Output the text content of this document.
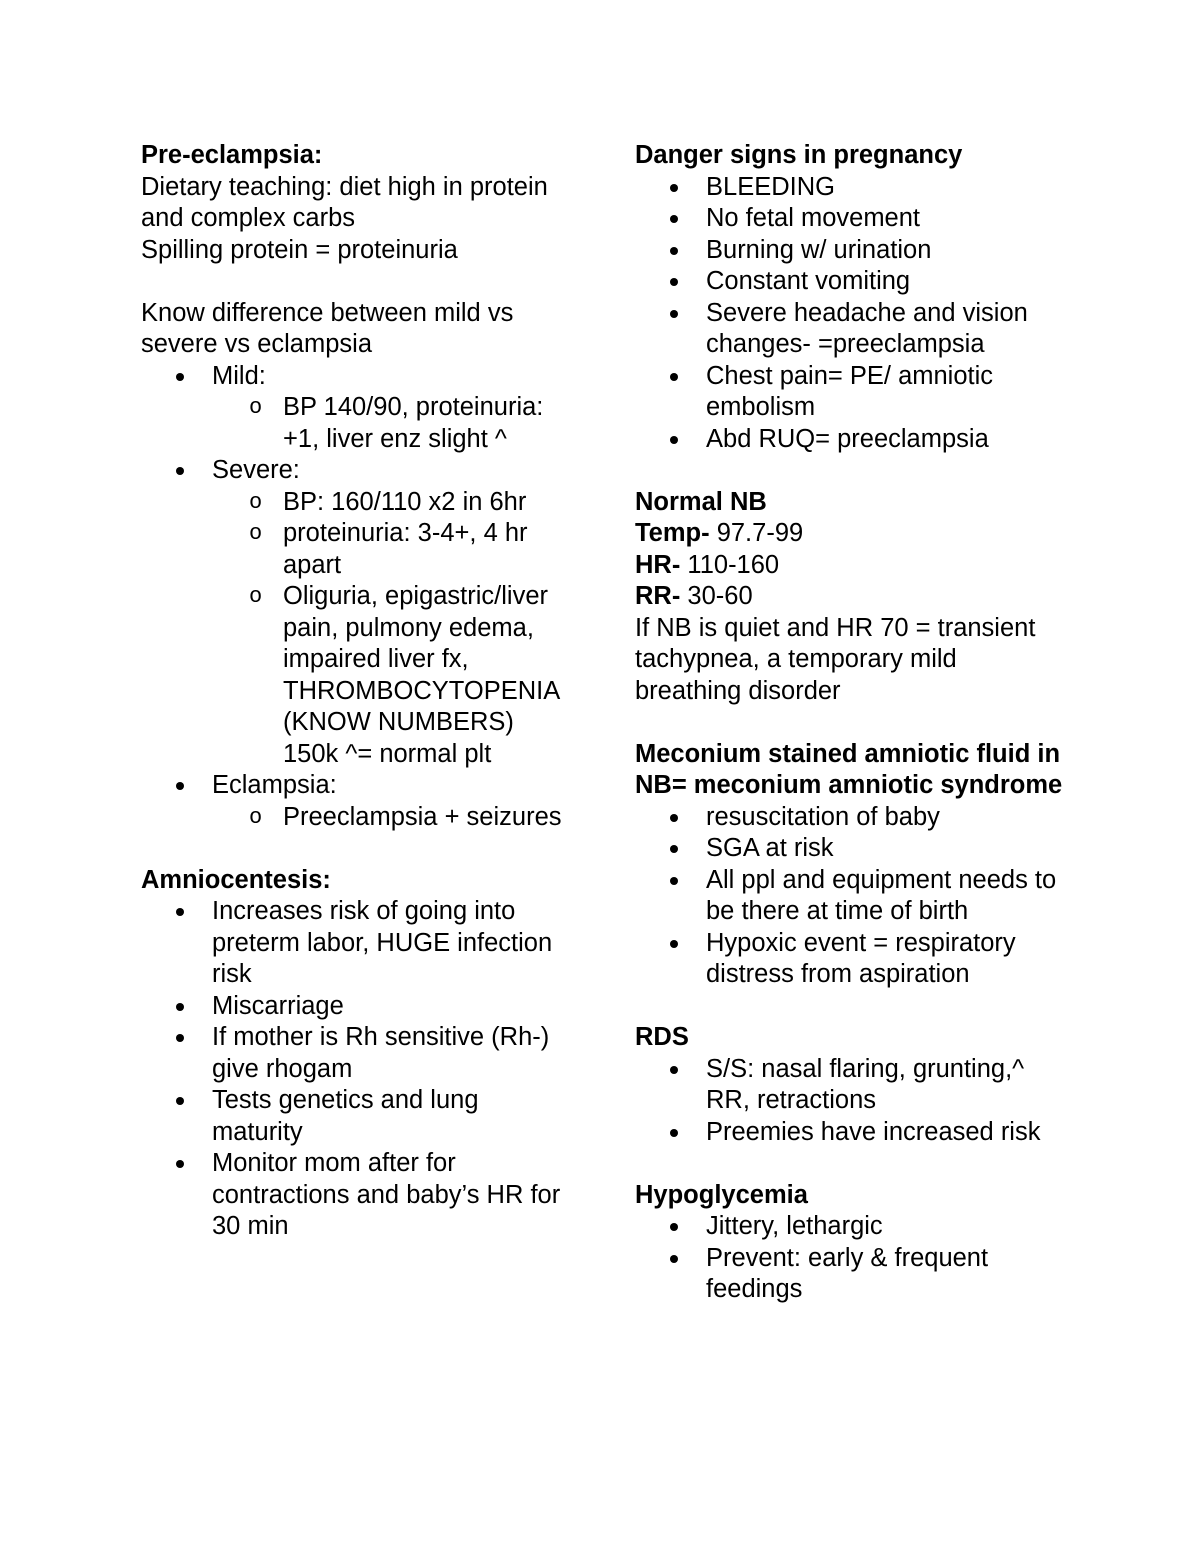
Pre-eclampsia:
Dietary teaching: diet high in protein and complex carbs
Spilling protein = proteinuria
Know difference between mild vs severe vs eclampsia
Mild:
o BP 140/90, proteinuria: +1, liver enz slight ^
Severe:
o BP: 160/110 x2 in 6hr
o proteinuria: 3-4+, 4 hr apart
o Oliguria, epigastric/liver pain, pulmony edema, impaired liver fx, THROMBOCYTOPENIA (KNOW NUMBERS) 150k ^= normal plt
Eclampsia:
o Preeclampsia + seizures
Amniocentesis:
Increases risk of going into preterm labor, HUGE infection risk
Miscarriage
If mother is Rh sensitive (Rh-) give rhogam
Tests genetics and lung maturity
Monitor mom after for contractions and baby’s HR for 30 min
Danger signs in pregnancy
BLEEDING
No fetal movement
Burning w/ urination
Constant vomiting
Severe headache and vision changes- =preeclampsia
Chest pain= PE/ amniotic embolism
Abd RUQ= preeclampsia
Normal NB
Temp- 97.7-99
HR- 110-160
RR- 30-60
If NB is quiet and HR 70 = transient tachypnea, a temporary mild breathing disorder
Meconium stained amniotic fluid in NB= meconium amniotic syndrome
resuscitation of baby
SGA at risk
All ppl and equipment needs to be there at time of birth
Hypoxic event = respiratory distress from aspiration
RDS
S/S: nasal flaring, grunting,^ RR, retractions
Preemies have increased risk
Hypoglycemia
Jittery, lethargic
Prevent: early & frequent feedings
